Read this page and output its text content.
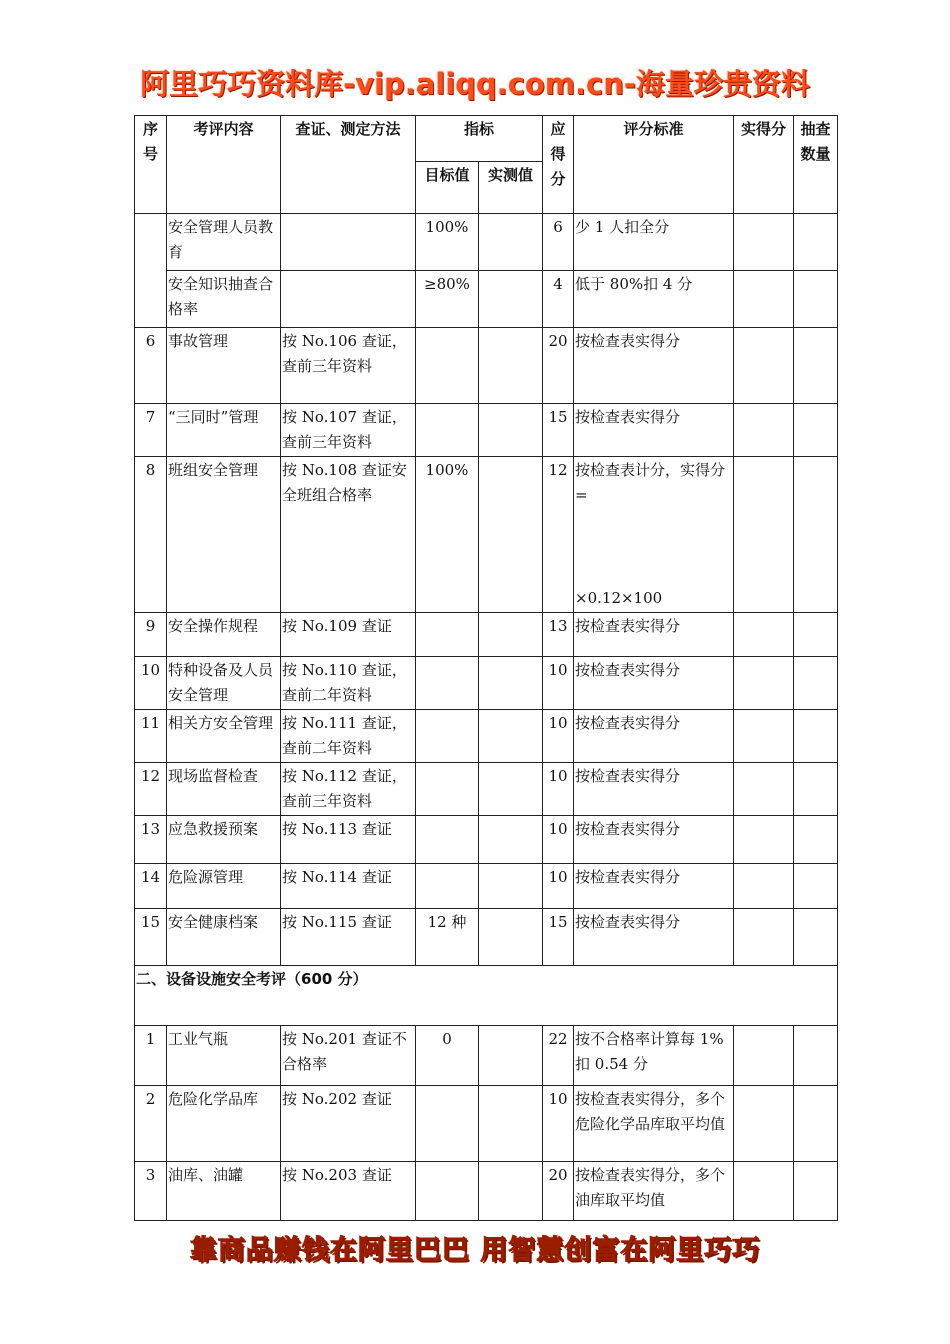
阿里巧巧资料库-vip.aliqq.com.cn-海量珍贵资料
序号	考评内容	查证、测定方法	指标		应得分	评分标准	实得分	抽查数量
			目标值	实测值				
	安全管理人员教育		100%		6	少 1 人扣全分		
	安全知识抽查合格率		≥80%		4	低于 80%扣 4 分		
6	事故管理	按 No.106 查证，查前三年资料			20	按检查表实得分		
7	“三同时”管理	按 No.107 查证，查前三年资料			15	按检查表实得分		
8	班组安全管理	按 No.108 查证安全班组合格率	100%		12	按检查表计分，实得分=
×0.12×100		

9	安全操作规程	按 No.109 查证			13	按检查表实得分		
10	特种设备及人员安全管理	按 No.110 查证，查前二年资料			10	按检查表实得分		
11	相关方安全管理	按 No.111 查证，查前二年资料			10	按检查表实得分		
12	现场监督检查	按 No.112 查证，查前三年资料			10	按检查表实得分		
13	应急救援预案	按 No.113 查证			10	按检查表实得分		
14	危险源管理	按 No.114 查证			10	按检查表实得分		
15	安全健康档案	按 No.115 查证	12 种		15	按检查表实得分		
二、设备设施安全考评（600 分）								
1	工业气瓶	按 No.201 查证不合格率	0		22	按不合格率计算每 1%扣 0.54 分		
2	危险化学品库	按 No.202 查证			10	按检查表实得分，多个危险化学品库取平均值		
3	油库、油罐	按 No.203 查证			20	按检查表实得分，多个油库取平均值		
靠商品赚钱在阿里巴巴 用智慧创富在阿里巧巧
